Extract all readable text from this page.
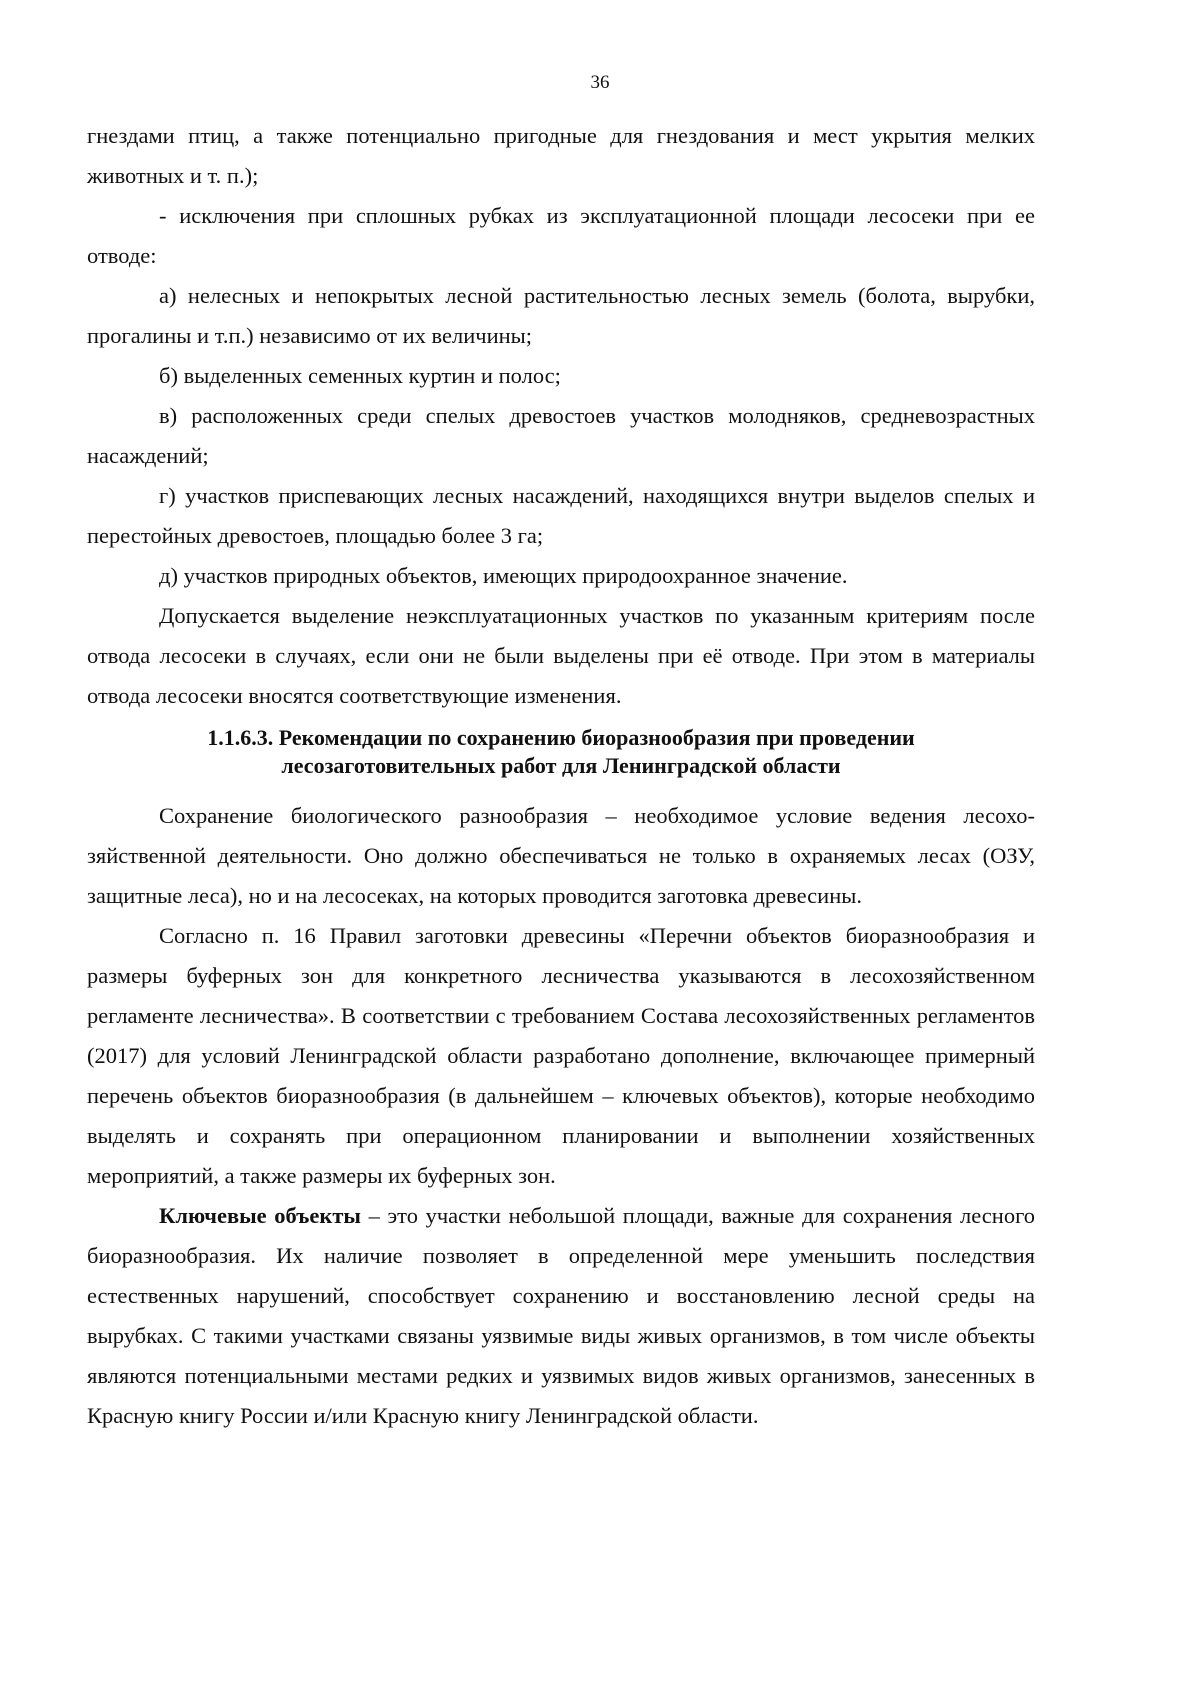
36

гнездами птиц, а также потенциально пригодные для гнездования и мест укрытия мелких животных и т. п.);

- исключения при сплошных рубках из эксплуатационной площади лесосеки при ее отводе:

а) нелесных и непокрытых лесной растительностью лесных земель (болота, вырубки, прогалины и т.п.) независимо от их величины;

б) выделенных семенных куртин и полос;

в) расположенных среди спелых древостоев участков молодняков, средневозрастных насаждений;

г) участков приспевающих лесных насаждений, находящихся внутри выделов спелых и перестойных древостоев, площадью более 3 га;

д) участков природных объектов, имеющих природоохранное значение.

Допускается выделение неэксплуатационных участков по указанным критериям после отвода лесосеки в случаях, если они не были выделены при её отводе. При этом в материалы отвода лесосеки вносятся соответствующие изменения.

1.1.6.3. Рекомендации по сохранению биоразнообразия при проведении
лесозаготовительных работ для Ленинградской области

Сохранение биологического разнообразия – необходимое условие ведения лесохозяйственной деятельности. Оно должно обеспечиваться не только в охраняемых лесах (ОЗУ, защитные леса), но и на лесосеках, на которых проводится заготовка древесины.

Согласно п. 16 Правил заготовки древесины «Перечни объектов биоразнообразия и размеры буферных зон для конкретного лесничества указываются в лесохозяйственном регламенте лесничества». В соответствии с требованием Состава лесохозяйственных регламентов (2017) для условий Ленинградской области разработано дополнение, включающее примерный перечень объектов биоразнообразия (в дальнейшем – ключевых объектов), которые необходимо выделять и сохранять при операционном планировании и выполнении хозяйственных мероприятий, а также размеры их буферных зон.

Ключевые объекты – это участки небольшой площади, важные для сохранения лесного биоразнообразия. Их наличие позволяет в определенной мере уменьшить последствия естественных нарушений, способствует сохранению и восстановлению лесной среды на вырубках. С такими участками связаны уязвимые виды живых организмов, в том числе объекты являются потенциальными местами редких и уязвимых видов живых организмов, занесенных в Красную книгу России и/или Красную книгу Ленинградской области.
